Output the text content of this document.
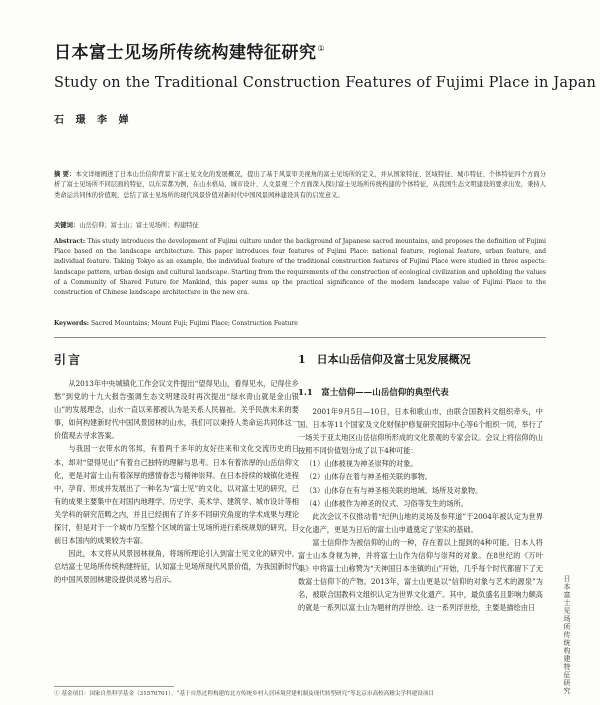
日本富士见场所传统构建特征研究①
Study on the Traditional Construction Features of Fujimi Place in Japan
石 璟 李 婵
摘 要：本文详细阐述了日本山岳信仰背景下富士见文化的发展概况，提出了基于风景审美视角的富士见场所的定义，并从国家特征、区域特征、城市特征、个体特征四个方面分析了富士见场所不同层面的特征，以东京都为例，在山水格局、城市设计、人文景观三个方面深入探讨富士见场所传统构建的个体特征，从我国生态文明建设的要求出发，秉持人类命运共同体的价值观，总结了富士见场所的现代风景价值对新时代中国风景园林建设具有的启发意义。
关键词：山岳信仰；富士山；富士见场所；构建特征
Abstract: This study introduces the development of Fujimi culture under the background of Japanese sacred mountains, and proposes the definition of Fujimi Place based on the landscape architecture. This paper introduces four features of Fujimi Place: national feature, regional feature, urban feature, and individual feature. Taking Tokyo as an example, the individual feature of the traditional construction features of Fujimi Place were studied in three aspects: landscape pattern, urban design and cultural landscape. Starting from the requirements of the construction of ecological civilization and upholding the values of a Community of Shared Future for Mankind, this paper sums up the practical significance of the modern landscape value of Fujimi Place to the construction of Chinese landscape architecture in the new era.
Keywords: Sacred Mountains; Mount Fuji; Fujimi Place; Construction Feature
引言	1　日本山岳信仰及富士见发展概况
1.1　富士信仰——山岳信仰的典型代表

从2013年中央城镇化工作会议文件提出“望得见山，看得见水，记得住乡愁”到党的十九大报告强调生态文明建设时再次提出“绿水青山就是金山银山”的发展理念，山水一直以来都被认为是关系人民福祉、关乎民族未来的要事，如何构建新时代中国风景园林的山水，我们可以秉持人类命运共同体这一价值观去寻求答案。

与我国一衣带水的邻邦，有着两千多年的友好往来和文化交流历史的日本，却对“望得见山”有着自己独特的理解与思考。日本有着浓厚的山岳信仰文化，更是对富士山有着深厚的感情眷恋与精神崇拜。在日本持续的城镇化进程中，孕育、形成并发展出了一种名为“富士见”的文化，以对富士见的研究，已有的成果主要集中在对国内地理学、历史学、美术学、建筑学、城市设计等相关学科的研究范畴之内，并且已经拥有了许多不同研究角度的学术成果与理论探讨，但是对于一个城市乃至整个区域的富士见场所进行系统规划的研究，目前日本国内的成果较为丰富。

因此，本文将从风景园林视角，将场所理论引入到富士见文化的研究中，总结富士见场所传统构建特征，认知富士见场所现代风景价值，为我国新时代的中国风景园林建设提供灵感与启示。

2001年9月5日—10日，日本和歌山市，由联合国教科文组织牵头，中国、日本等11个国家及文化财保护修复研究国际中心等6个组织一同，举行了一场关于亚太地区山岳信仰所形成的文化景观的专家会议。会议上将信仰的山按照不同价值划分成了以下4种可能：

（1）山体被视为神圣崇拜的对象。

（2）山体存在着与神圣相关联的事物。

（3）山体存在有与神圣相关联的地域、场所及对象物。

（4）山体被作为神圣的仪式、习俗等发生的场所。

此次会议不仅推动着“纪伊山地的灵场及参拜道”于2004年被认定为世界文化遗产，更是为日后的富士山申遗奠定了坚实的基础。

富士信仰作为被信仰的山的一种，存在着以上提到的4种可能。日本人将富士山本身视为神，并将富士山作为信仰与崇拜的对象。在8世纪的《万叶集》中将富士山称赞为“天神国日本坐镇的山”开始，几乎每个时代都留下了无数富士信仰下的产物。2013年，富士山更是以“信仰的对象与艺术的源泉”为名，被联合国教科文组织认定为世界文化遗产。其中，最负盛名且影响力颇高的就是一系列以富士山为题材的浮世绘。这一系列浮世绘，主要是描绘由日	日本富士见场所传统构建特征研究
① 基金项目：国家自然科学基金（31570701）、“基于自然过程构建的北方传统乡村人居环境营建机制及现代转型研究”等北京市高校高精尖学科建设项目
